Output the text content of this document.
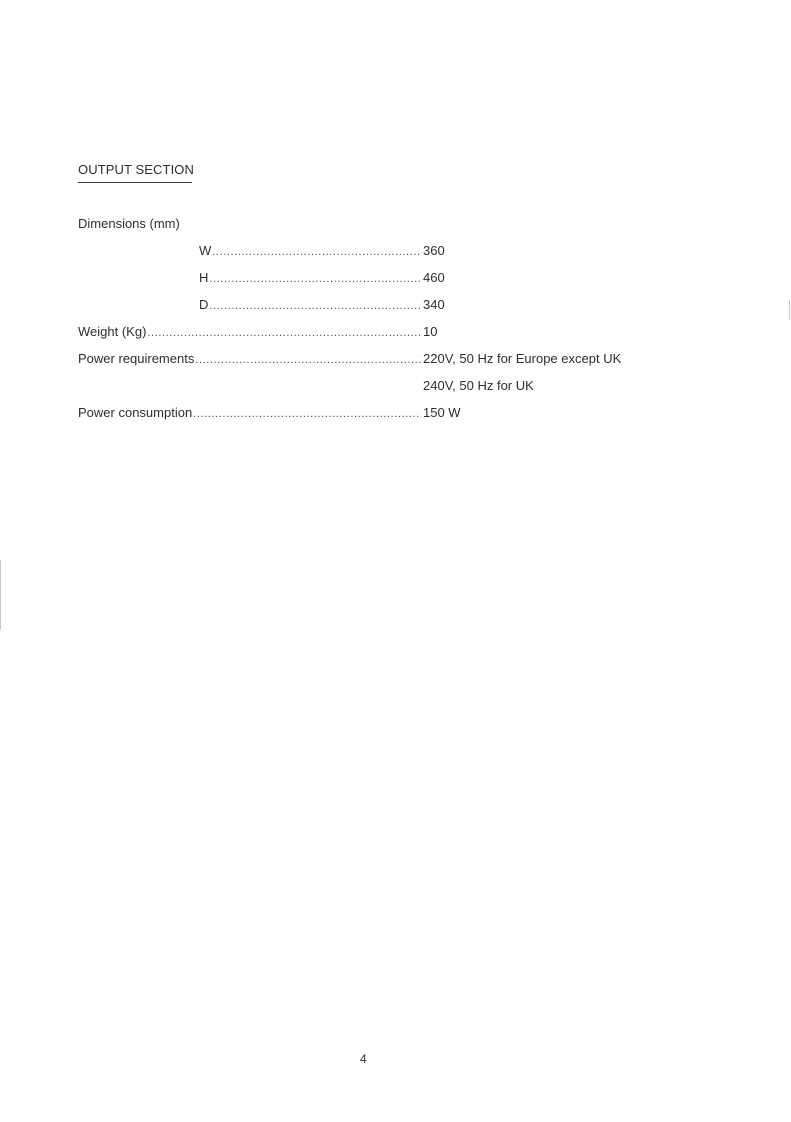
OUTPUT SECTION
Dimensions (mm)
W .....	360
H .....	460
D .....	340
Weight (Kg) .....	10
Power requirements .....	220V, 50 Hz for Europe except UK
240V, 50 Hz for UK
Power consumption .....	150 W
4
